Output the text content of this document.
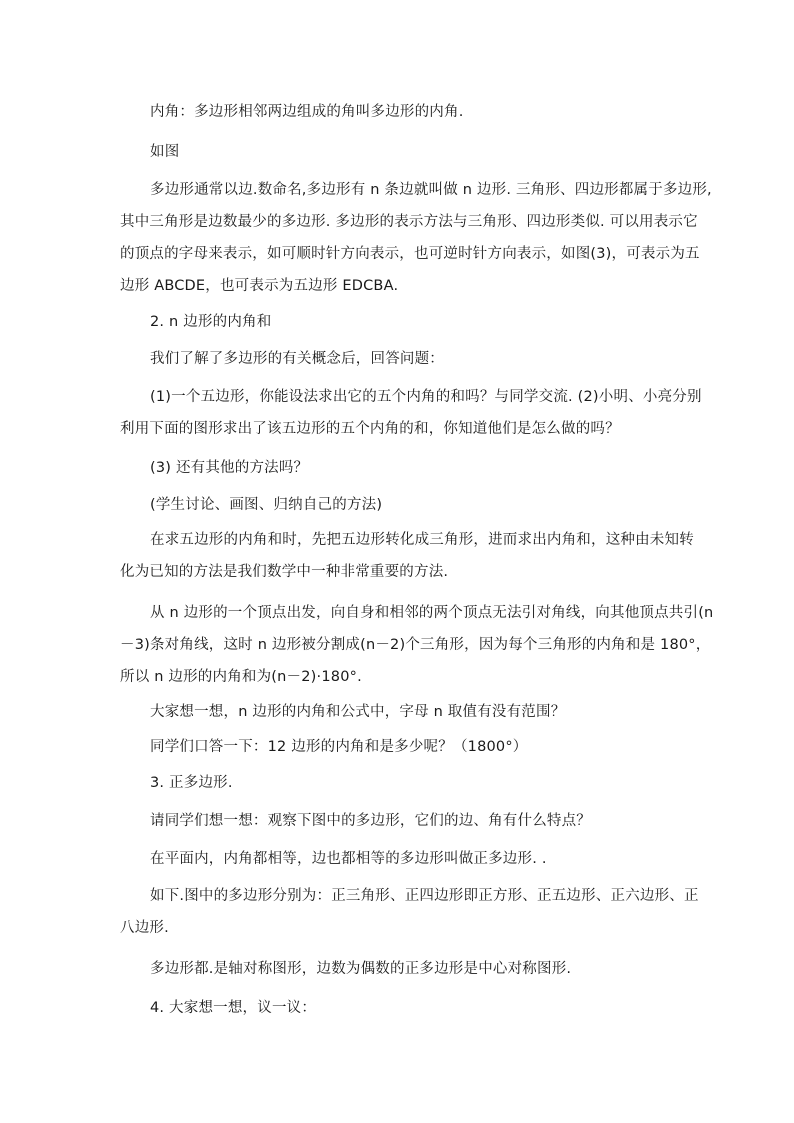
内角：多边形相邻两边组成的角叫多边形的内角.
如图
多边形通常以边.数命名,多边形有 n 条边就叫做 n 边形. 三角形、四边形都属于多边形,
其中三角形是边数最少的多边形. 多边形的表示方法与三角形、四边形类似. 可以用表示它
的顶点的字母来表示，如可顺时针方向表示，也可逆时针方向表示，如图(3)，可表示为五
边形 ABCDE，也可表示为五边形 EDCBA.
2. n 边形的内角和
我们了解了多边形的有关概念后，回答问题：
(1)一个五边形，你能设法求出它的五个内角的和吗？与同学交流. (2)小明、小亮分别
利用下面的图形求出了该五边形的五个内角的和，你知道他们是怎么做的吗？
(3) 还有其他的方法吗？
(学生讨论、画图、归纳自己的方法)
在求五边形的内角和时，先把五边形转化成三角形，进而求出内角和，这种由未知转
化为已知的方法是我们数学中一种非常重要的方法.
从 n 边形的一个顶点出发，向自身和相邻的两个顶点无法引对角线，向其他顶点共引(n
－3)条对角线，这时 n 边形被分割成(n－2)个三角形，因为每个三角形的内角和是 180°，
所以 n 边形的内角和为(n－2)·180°.
大家想一想，n 边形的内角和公式中，字母 n 取值有没有范围？
同学们口答一下：12 边形的内角和是多少呢？（1800°）
3. 正多边形.
请同学们想一想：观察下图中的多边形，它们的边、角有什么特点？
在平面内，内角都相等，边也都相等的多边形叫做正多边形. .
如下.图中的多边形分别为：正三角形、正四边形即正方形、正五边形、正六边形、正
八边形.
多边形都.是轴对称图形，边数为偶数的正多边形是中心对称图形.
4. 大家想一想，议一议：
